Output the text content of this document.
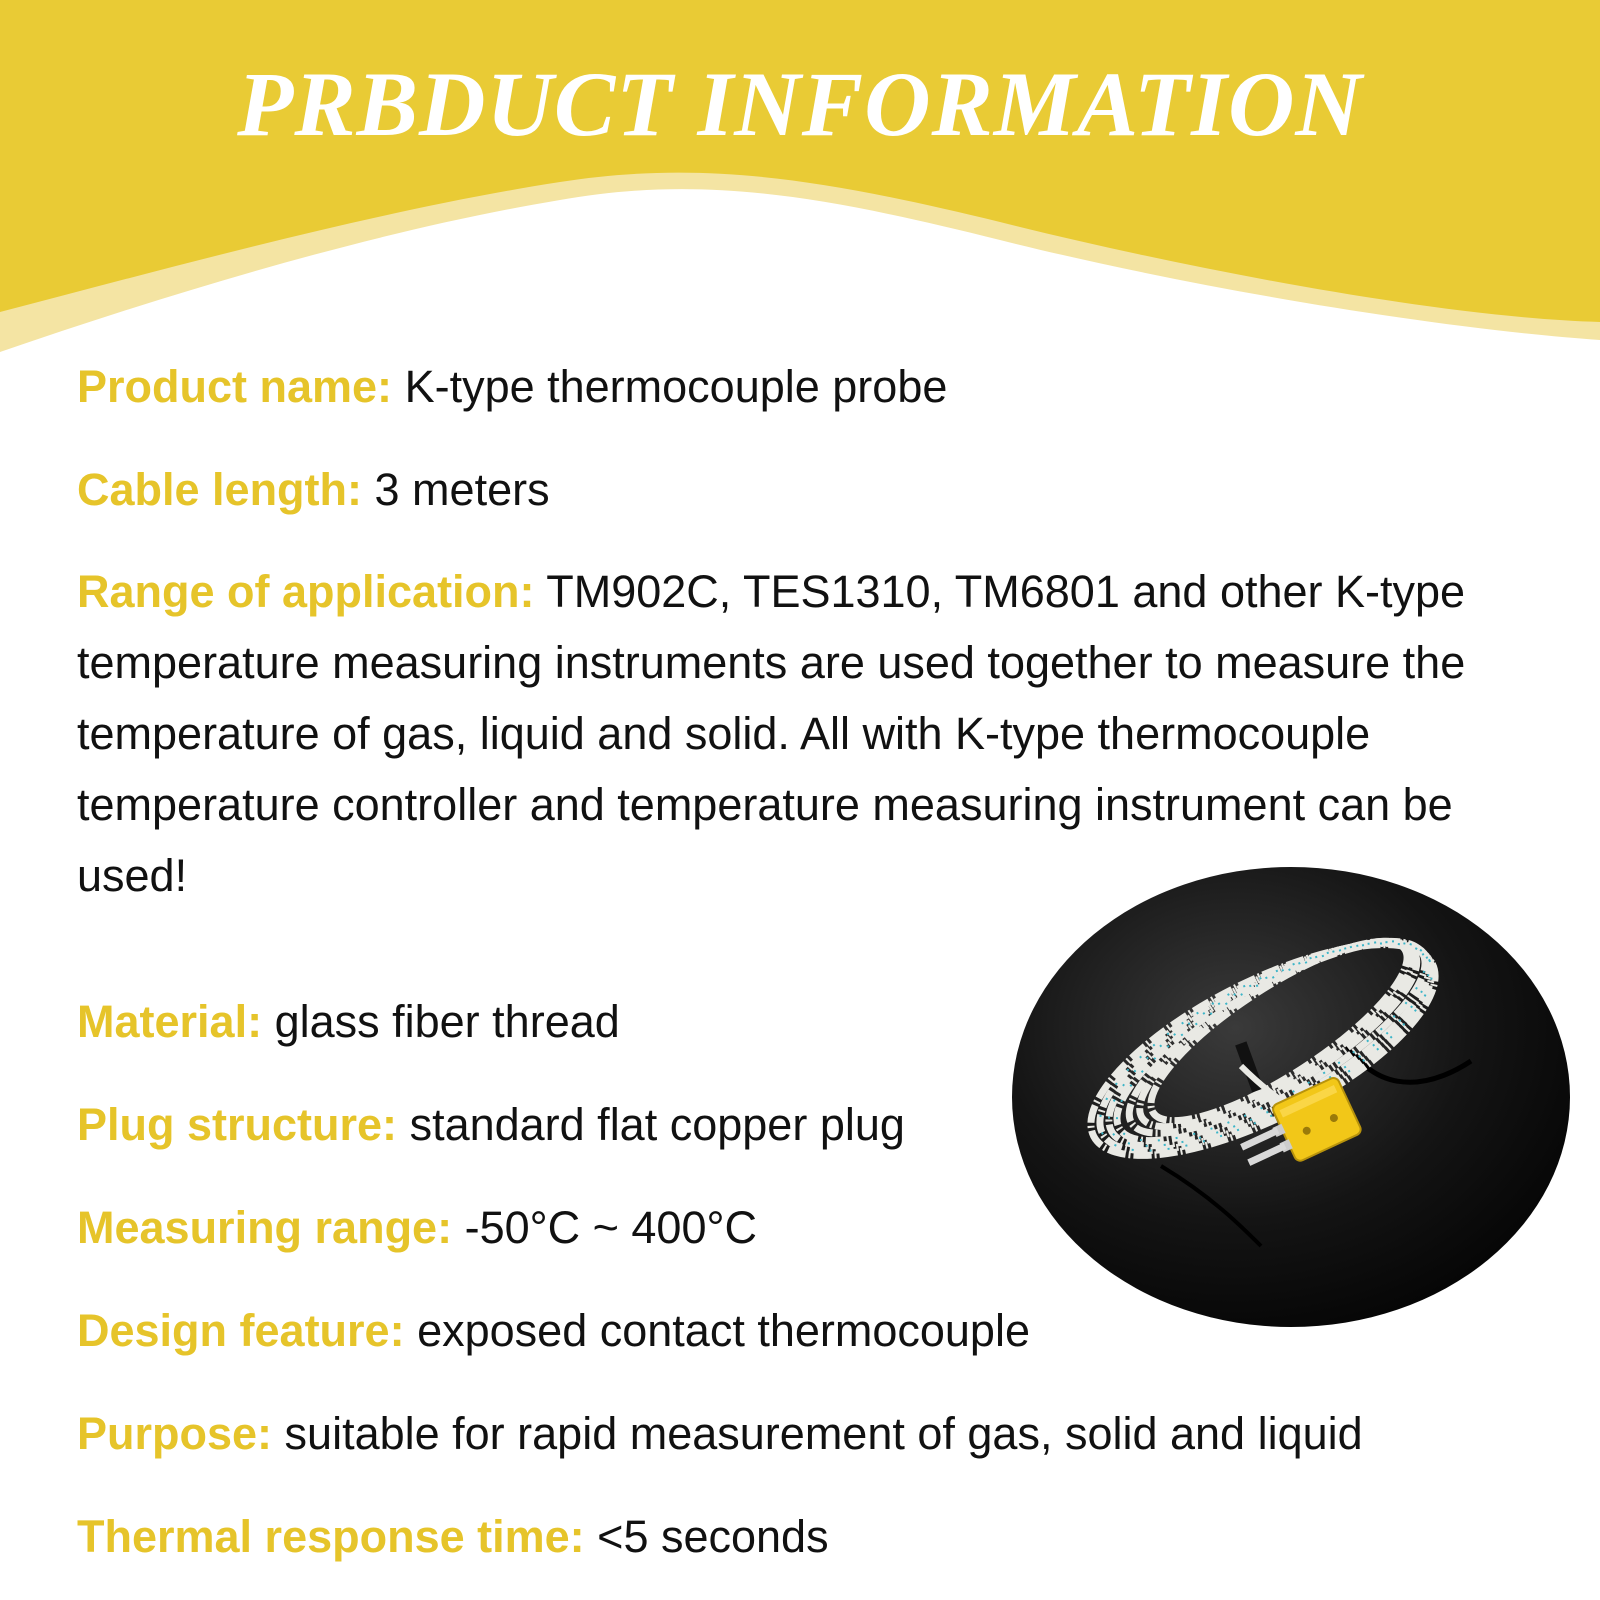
PRBDUCT INFORMATION

Product name: K-type thermocouple probe

Cable length: 3 meters

Range of application: TM902C, TES1310, TM6801 and other K-type temperature measuring instruments are used together to measure the temperature of gas, liquid and solid. All with K-type thermocouple temperature controller and temperature measuring instrument can be used!

Material: glass fiber thread

Plug structure: standard flat copper plug

Measuring range: -50°C ~ 400°C

Design feature: exposed contact thermocouple

Purpose: suitable for rapid measurement of gas, solid and liquid

Thermal response time: <5 seconds
